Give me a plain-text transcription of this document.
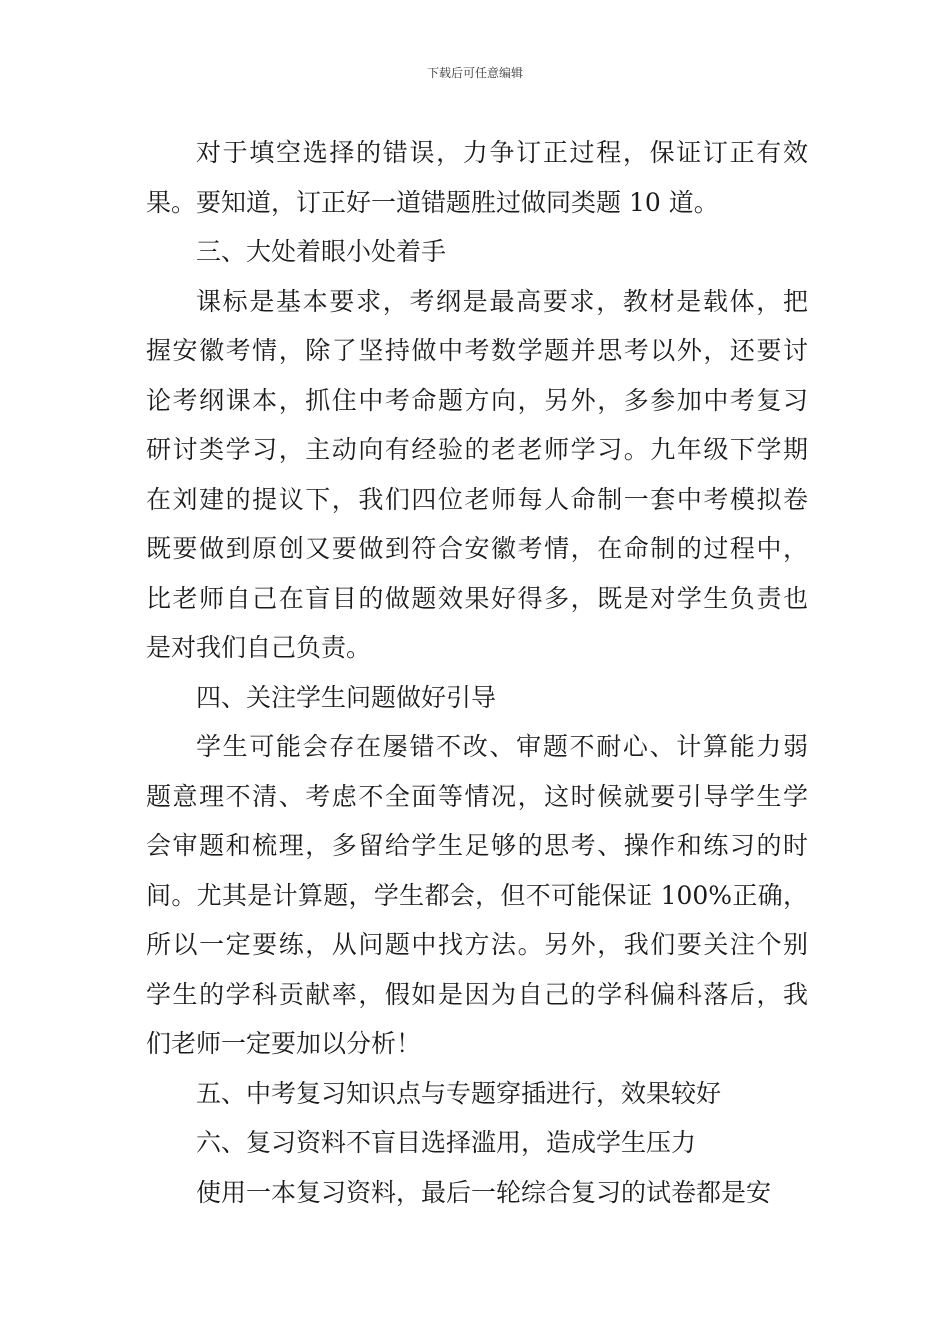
下载后可任意编辑
对于填空选择的错误，力争订正过程，保证订正有效
果。要知道，订正好一道错题胜过做同类题 10 道。
三、大处着眼小处着手
课标是基本要求，考纲是最高要求，教材是载体，把
握安徽考情，除了坚持做中考数学题并思考以外，还要讨
论考纲课本，抓住中考命题方向，另外，多参加中考复习
研讨类学习，主动向有经验的老老师学习。九年级下学期
在刘建的提议下，我们四位老师每人命制一套中考模拟卷
既要做到原创又要做到符合安徽考情，在命制的过程中，
比老师自己在盲目的做题效果好得多，既是对学生负责也
是对我们自己负责。
四、关注学生问题做好引导
学生可能会存在屡错不改、审题不耐心、计算能力弱
题意理不清、考虑不全面等情况，这时候就要引导学生学
会审题和梳理，多留给学生足够的思考、操作和练习的时
间。尤其是计算题，学生都会，但不可能保证 100%正确，
所以一定要练，从问题中找方法。另外，我们要关注个别
学生的学科贡献率，假如是因为自己的学科偏科落后，我
们老师一定要加以分析！
五、中考复习知识点与专题穿插进行，效果较好
六、复习资料不盲目选择滥用，造成学生压力
使用一本复习资料，最后一轮综合复习的试卷都是安
